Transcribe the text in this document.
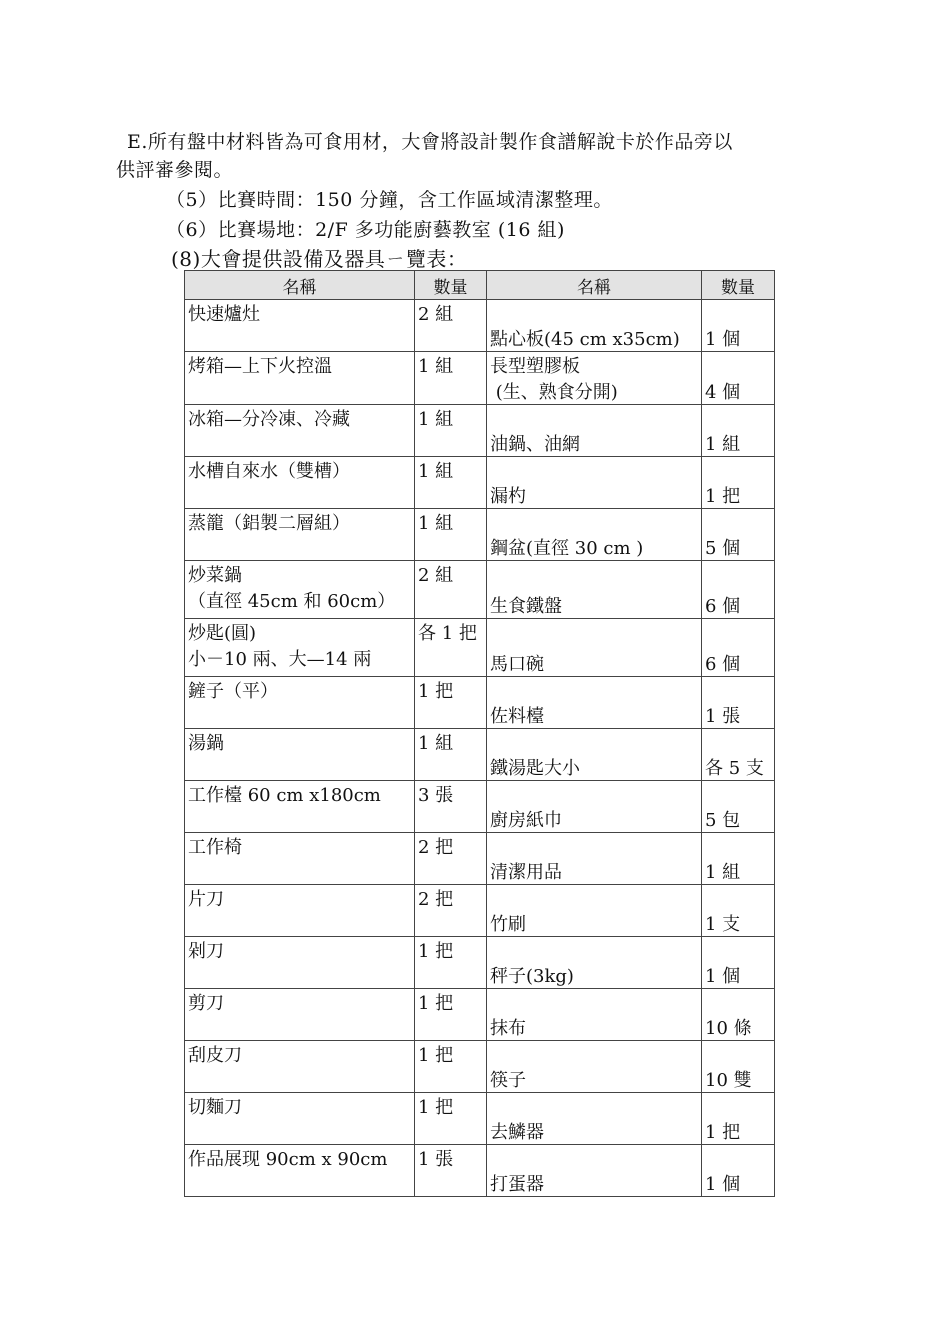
E.所有盤中材料皆為可食用材，大會將設計製作食譜解說卡於作品旁以
供評審參閱。
（5）比賽時間：150 分鐘，含工作區域清潔整理。
（6）比賽場地：2/F 多功能廚藝教室 (16 組)
(8)大會提供設備及器具ㄧ覽表：
名稱	數量	名稱	數量

快速爐灶	2 組	點心板(45 cm x35cm)	1 個

烤箱—上下火控溫	1 組	長型塑膠板
(生、熟食分開)	4 個

冰箱—分冷凍、冷藏	1 組	油鍋、油網	1 組

水槽自來水（雙槽）	1 組	漏杓	1 把

蒸籠（鋁製二層組）	1 組	鋼盆(直徑 30 cm )	5 個

炒菜鍋
（直徑 45cm 和 60cm）	2 組	生食鐵盤	6 個

炒匙(圓)
小－10 兩、大—14 兩	各 1 把	馬口碗	6 個

鏟子（平）	1 把	佐料檯	1 張

湯鍋	1 組	鐵湯匙大小	各 5 支

工作檯 60 cm x180cm	3 張	廚房紙巾	5 包

工作椅	2 把	清潔用品	1 組

片刀	2 把	竹刷	1 支

剁刀	1 把	秤子(3kg)	1 個

剪刀	1 把	抹布	10 條

刮皮刀	1 把	筷子	10 雙

切麵刀	1 把	去鱗器	1 把

作品展现 90cm x 90cm	1 張	打蛋器	1 個
